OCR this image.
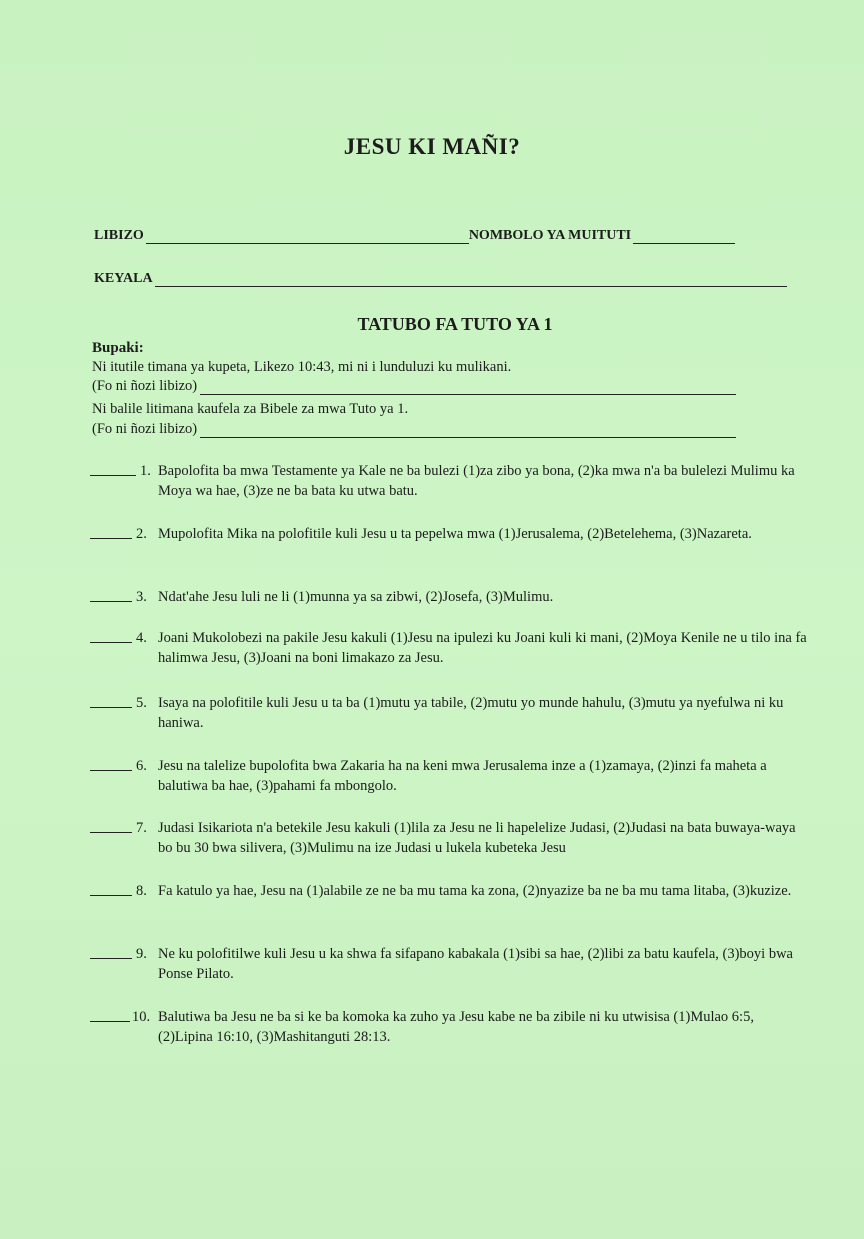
JESU KI MAÑI?
LIBIZO	NOMBOLO YA MUITUTI
KEYALA
TATUBO FA TUTO YA 1
Bupaki:
Ni itutile timana ya kupeta, Likezo 10:43, mi ni i lunduluzi ku mulikani.
(Fo ni ñozi libizo)
Ni balile litimana kaufela za Bibele za mwa Tuto ya 1.
(Fo ni ñozi libizo)
1. Bapolofita ba mwa Testamente ya Kale ne ba bulezi (1)za zibo ya bona, (2)ka mwa n'a ba bulelezi Mulimu ka Moya wa hae, (3)ze ne ba bata ku utwa batu.
2. Mupolofita Mika na polofitile kuli Jesu u ta pepelwa mwa (1)Jerusalema, (2)Betelehema, (3)Nazareta.
3. Ndat'ahe Jesu luli ne li (1)munna ya sa zibwi, (2)Josefa, (3)Mulimu.
4. Joani Mukolobezi na pakile Jesu kakuli (1)Jesu na ipulezi ku Joani kuli ki mani, (2)Moya Kenile ne u tilo ina fa halimwa Jesu, (3)Joani na boni limakazo za Jesu.
5. Isaya na polofitile kuli Jesu u ta ba (1)mutu ya tabile, (2)mutu yo munde hahulu, (3)mutu ya nyefulwa ni ku haniwa.
6. Jesu na talelize bupolofita bwa Zakaria ha na keni mwa Jerusalema inze a (1)zamaya, (2)inzi fa maheta a balutiwa ba hae, (3)pahami fa mbongolo.
7. Judasi Isikariota n'a betekile Jesu kakuli (1)lila za Jesu ne li hapelelize Judasi, (2)Judasi na bata buwaya-waya bo bu 30 bwa silivera, (3)Mulimu na ize Judasi u lukela kubeteka Jesu
8. Fa katulo ya hae, Jesu na (1)alabile ze ne ba mu tama ka zona, (2)nyazize ba ne ba mu tama litaba, (3)kuzize.
9. Ne ku polofitilwe kuli Jesu u ka shwa fa sifapano kabakala (1)sibi sa hae, (2)libi za batu kaufela, (3)boyi bwa Ponse Pilato.
10. Balutiwa ba Jesu ne ba si ke ba komoka ka zuho ya Jesu kabe ne ba zibile ni ku utwisisa (1)Mulao 6:5, (2)Lipina 16:10, (3)Mashitanguti 28:13.
